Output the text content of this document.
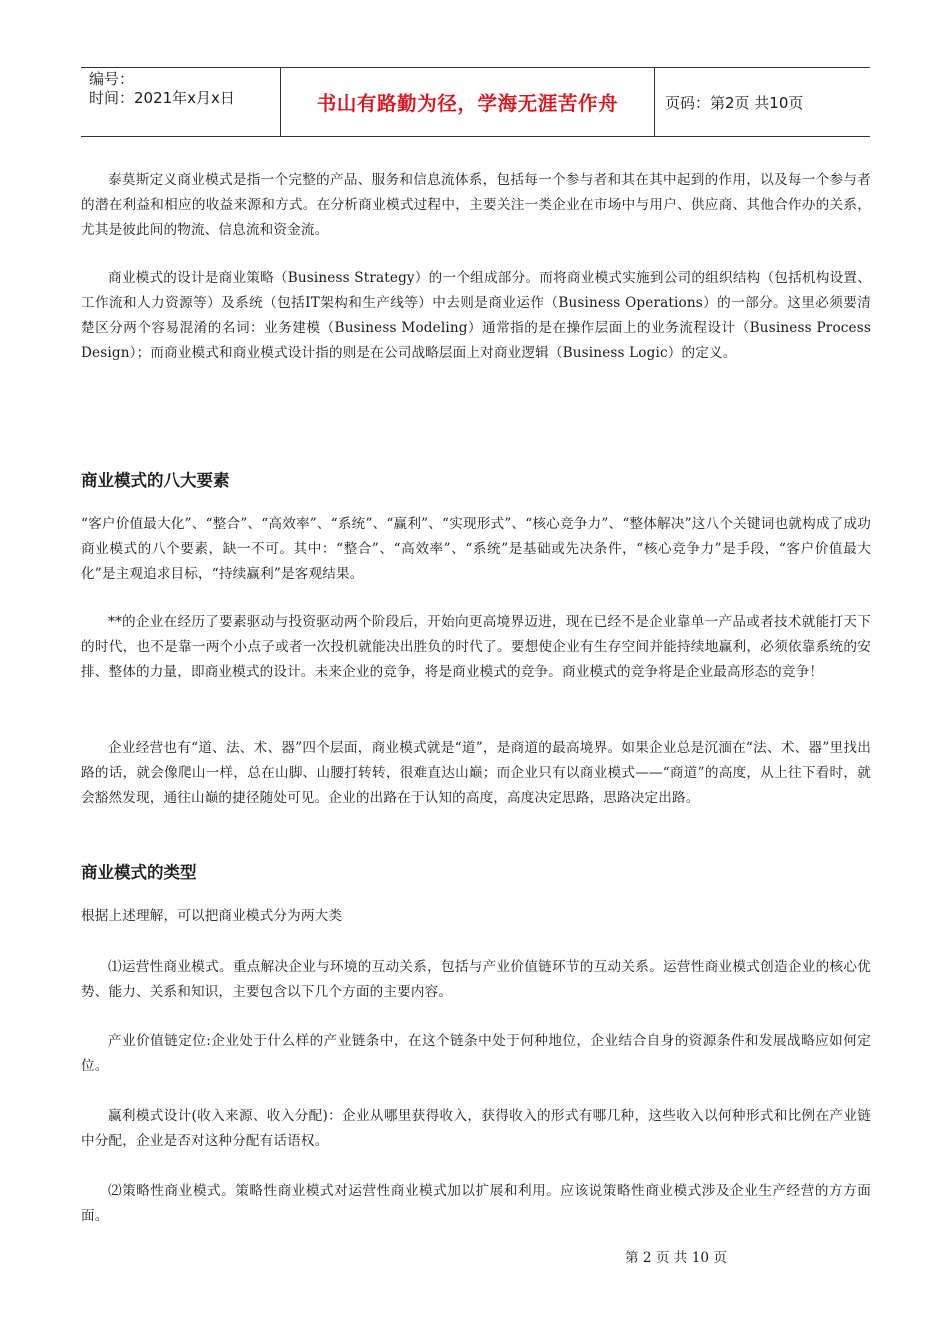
编号：
时间：2021年x月x日	书山有路勤为径，学海无涯苦作舟	页码：第2页 共10页

泰莫斯定义商业模式是指一个完整的产品、服务和信息流体系，包括每一个参与者和其在其中起到的作用，以及每一个参与者的潜在利益和相应的收益来源和方式。在分析商业模式过程中，主要关注一类企业在市场中与用户、供应商、其他合作办的关系，尤其是彼此间的物流、信息流和资金流。

商业模式的设计是商业策略（Business Strategy）的一个组成部分。而将商业模式实施到公司的组织结构（包括机构设置、工作流和人力资源等）及系统（包括IT架构和生产线等）中去则是商业运作（Business Operations）的一部分。这里必须要清楚区分两个容易混淆的名词：业务建模（Business Modeling）通常指的是在操作层面上的业务流程设计（Business Process Design）；而商业模式和商业模式设计指的则是在公司战略层面上对商业逻辑（Business Logic）的定义。

商业模式的八大要素

“客户价值最大化”、“整合”、“高效率”、“系统”、“赢利”、“实现形式”、“核心竞争力”、“整体解决”这八个关键词也就构成了成功商业模式的八个要素，缺一不可。其中：“整合”、“高效率”、“系统”是基础或先决条件，“核心竞争力”是手段，“客户价值最大化”是主观追求目标，“持续赢利”是客观结果。

**的企业在经历了要素驱动与投资驱动两个阶段后，开始向更高境界迈进，现在已经不是企业靠单一产品或者技术就能打天下的时代，也不是靠一两个小点子或者一次投机就能决出胜负的时代了。要想使企业有生存空间并能持续地赢利，必须依靠系统的安排、整体的力量，即商业模式的设计。未来企业的竞争，将是商业模式的竞争。商业模式的竞争将是企业最高形态的竞争！

企业经营也有“道、法、术、器”四个层面，商业模式就是“道”，是商道的最高境界。如果企业总是沉湎在“法、术、器”里找出路的话，就会像爬山一样，总在山脚、山腰打转转，很难直达山巅；而企业只有以商业模式——“商道”的高度，从上往下看时，就会豁然发现，通往山巅的捷径随处可见。企业的出路在于认知的高度，高度决定思路，思路决定出路。

商业模式的类型

根据上述理解，可以把商业模式分为两大类

⑴运营性商业模式。重点解决企业与环境的互动关系，包括与产业价值链环节的互动关系。运营性商业模式创造企业的核心优势、能力、关系和知识，主要包含以下几个方面的主要内容。

产业价值链定位:企业处于什么样的产业链条中，在这个链条中处于何种地位，企业结合自身的资源条件和发展战略应如何定位。

赢利模式设计(收入来源、收入分配)：企业从哪里获得收入，获得收入的形式有哪几种，这些收入以何种形式和比例在产业链中分配，企业是否对这种分配有话语权。

⑵策略性商业模式。策略性商业模式对运营性商业模式加以扩展和利用。应该说策略性商业模式涉及企业生产经营的方方面面。

第 2 页 共 10 页
